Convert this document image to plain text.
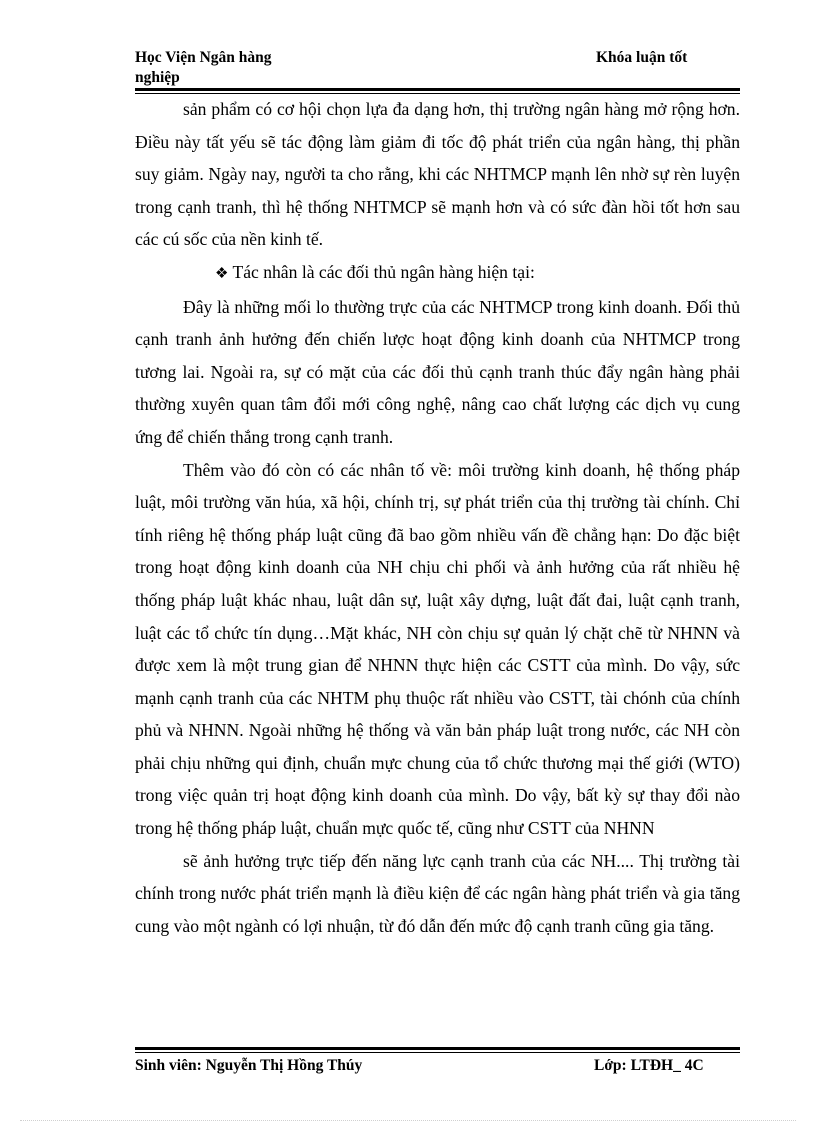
Học Viện Ngân hàng nghiệp
Khóa luận tốt

sản phẩm có cơ hội chọn lựa đa dạng hơn, thị trường ngân hàng mở rộng hơn. Điều này tất yếu sẽ tác động làm giảm đi tốc độ phát triển của ngân hàng, thị phần suy giảm. Ngày nay, người ta cho rằng, khi các NHTMCP mạnh lên nhờ sự rèn luyện trong cạnh tranh, thì hệ thống NHTMCP sẽ mạnh hơn và có sức đàn hồi tốt hơn sau các cú sốc của nền kinh tế.

❖ Tác nhân là các đối thủ ngân hàng hiện tại:

Đây là những mối lo thường trực của các NHTMCP trong kinh doanh. Đối thủ cạnh tranh ảnh hưởng đến chiến lược hoạt động kinh doanh của NHTMCP trong tương lai. Ngoài ra, sự có mặt của các đối thủ cạnh tranh thúc đẩy ngân hàng phải thường xuyên quan tâm đổi mới công nghệ, nâng cao chất lượng các dịch vụ cung ứng để chiến thắng trong cạnh tranh.

Thêm vào đó còn có các nhân tố về: môi trường kinh doanh, hệ thống pháp luật, môi trường văn húa, xã hội, chính trị, sự phát triển của thị trường tài chính. Chỉ tính riêng hệ thống pháp luật cũng đã bao gồm nhiều vấn đề chẳng hạn: Do đặc biệt trong hoạt động kinh doanh của NH chịu chi phối và ảnh hưởng của rất nhiều hệ thống pháp luật khác nhau, luật dân sự, luật xây dựng, luật đất đai, luật cạnh tranh, luật các tổ chức tín dụng…Mặt khác, NH còn chịu sự quản lý chặt chẽ từ NHNN và được xem là một trung gian để NHNN thực hiện các CSTT của mình. Do vậy, sức mạnh cạnh tranh của các NHTM phụ thuộc rất nhiều vào CSTT, tài chónh của chính phủ và NHNN. Ngoài những hệ thống và văn bản pháp luật trong nước, các NH còn phải chịu những qui định, chuẩn mực chung của tổ chức thương mại thế giới (WTO) trong việc quản trị hoạt động kinh doanh của mình. Do vậy, bất kỳ sự thay đổi nào trong hệ thống pháp luật, chuẩn mực quốc tế, cũng như CSTT của NHNN

sẽ ảnh hưởng trực tiếp đến năng lực cạnh tranh của các NH.... Thị trường tài chính trong nước phát triển mạnh là điều kiện để các ngân hàng phát triển và gia tăng cung vào một ngành có lợi nhuận, từ đó dẫn đến mức độ cạnh tranh cũng gia tăng.

Sinh viên: Nguyễn Thị Hồng Thúy	Lớp: LTĐH_ 4C
